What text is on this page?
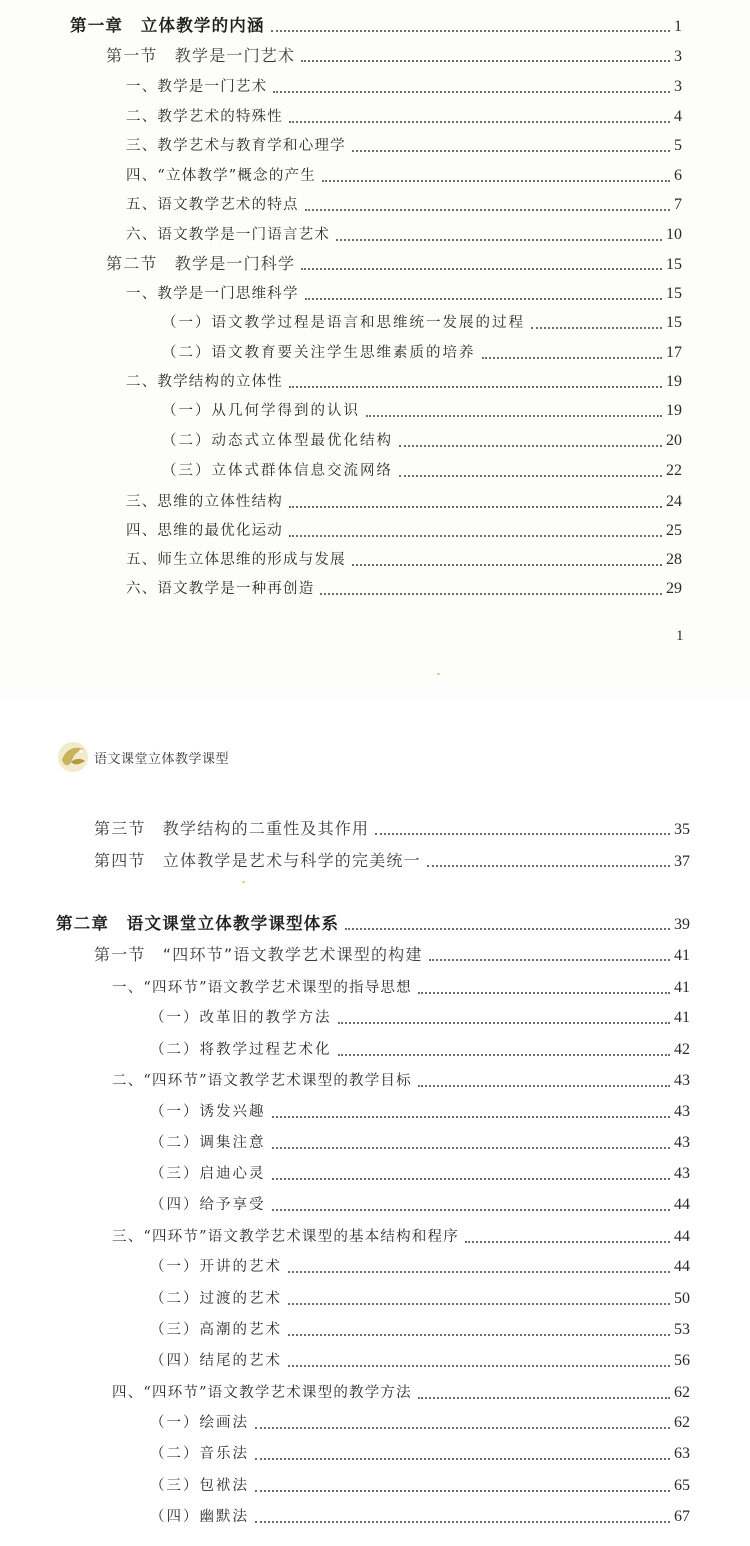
第一章　立体教学的内涵	1
第一节　教学是一门艺术	3
一、教学是一门艺术	3
二、教学艺术的特殊性	4
三、教学艺术与教育学和心理学	5
四、“立体教学”概念的产生	6
五、语文教学艺术的特点	7
六、语文教学是一门语言艺术	10
第二节　教学是一门科学	15
一、教学是一门思维科学	15
（一）语文教学过程是语言和思维统一发展的过程	15
（二）语文教育要关注学生思维素质的培养	17
二、教学结构的立体性	19
（一）从几何学得到的认识	19
（二）动态式立体型最优化结构	20
（三）立体式群体信息交流网络	22
三、思维的立体性结构	24
四、思维的最优化运动	25
五、师生立体思维的形成与发展	28
六、语文教学是一种再创造	29
1
语文课堂立体教学课型
第三节　教学结构的二重性及其作用	35
第四节　立体教学是艺术与科学的完美统一	37
第二章　语文课堂立体教学课型体系	39
第一节　“四环节”语文教学艺术课型的构建	41
一、“四环节”语文教学艺术课型的指导思想	41
（一）改革旧的教学方法	41
（二）将教学过程艺术化	42
二、“四环节”语文教学艺术课型的教学目标	43
（一）诱发兴趣	43
（二）调集注意	43
（三）启迪心灵	43
（四）给予享受	44
三、“四环节”语文教学艺术课型的基本结构和程序	44
（一）开讲的艺术	44
（二）过渡的艺术	50
（三）高潮的艺术	53
（四）结尾的艺术	56
四、“四环节”语文教学艺术课型的教学方法	62
（一）绘画法	62
（二）音乐法	63
（三）包袱法	65
（四）幽默法	67
